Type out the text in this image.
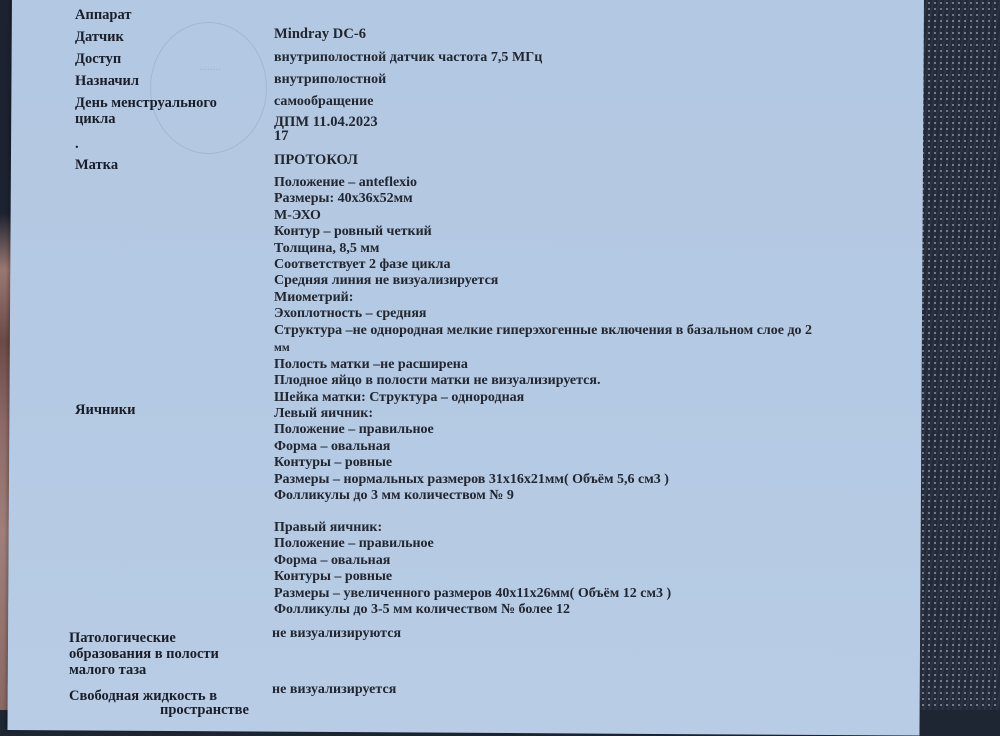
........
Аппарат
Датчик
Доступ
Назначил
День менструального цикла
.
Матка
Mindray DC-6
внутриполостной датчик частота 7,5 МГц
внутриполостной
самообращение
ДПМ 11.04.2023
17
ПРОТОКОЛ
Положение – anteflexio
Размеры: 40x36x52мм
М-ЭХО
Контур – ровный четкий
Толщина, 8,5 мм
Соответствует 2 фазе цикла
Средняя линия не визуализируется
Миометрий:
Эхоплотность – средняя
Структура –не однородная мелкие гиперэхогенные включения в базальном слое до 2
мм
Полость матки –не расширена
Плодное яйцо в полости матки не визуализируется.
Шейка матки: Структура – однородная
Яичники	Левый яичник:
Положение – правильное
Форма – овальная
Контуры – ровные
Размеры – нормальных размеров 31x16x21мм( Объём 5,6 см3 )
Фолликулы до 3 мм количеством № 9
Правый яичник:
Положение – правильное
Форма – овальная
Контуры – ровные
Размеры – увеличенного размеров 40x11x26мм( Объём 12 см3 )
Фолликулы до 3-5 мм количеством № более 12
Патологические
образования в полости
малого таза
не визуализируются
Свободная жидкость в	не визуализируется
пространстве
